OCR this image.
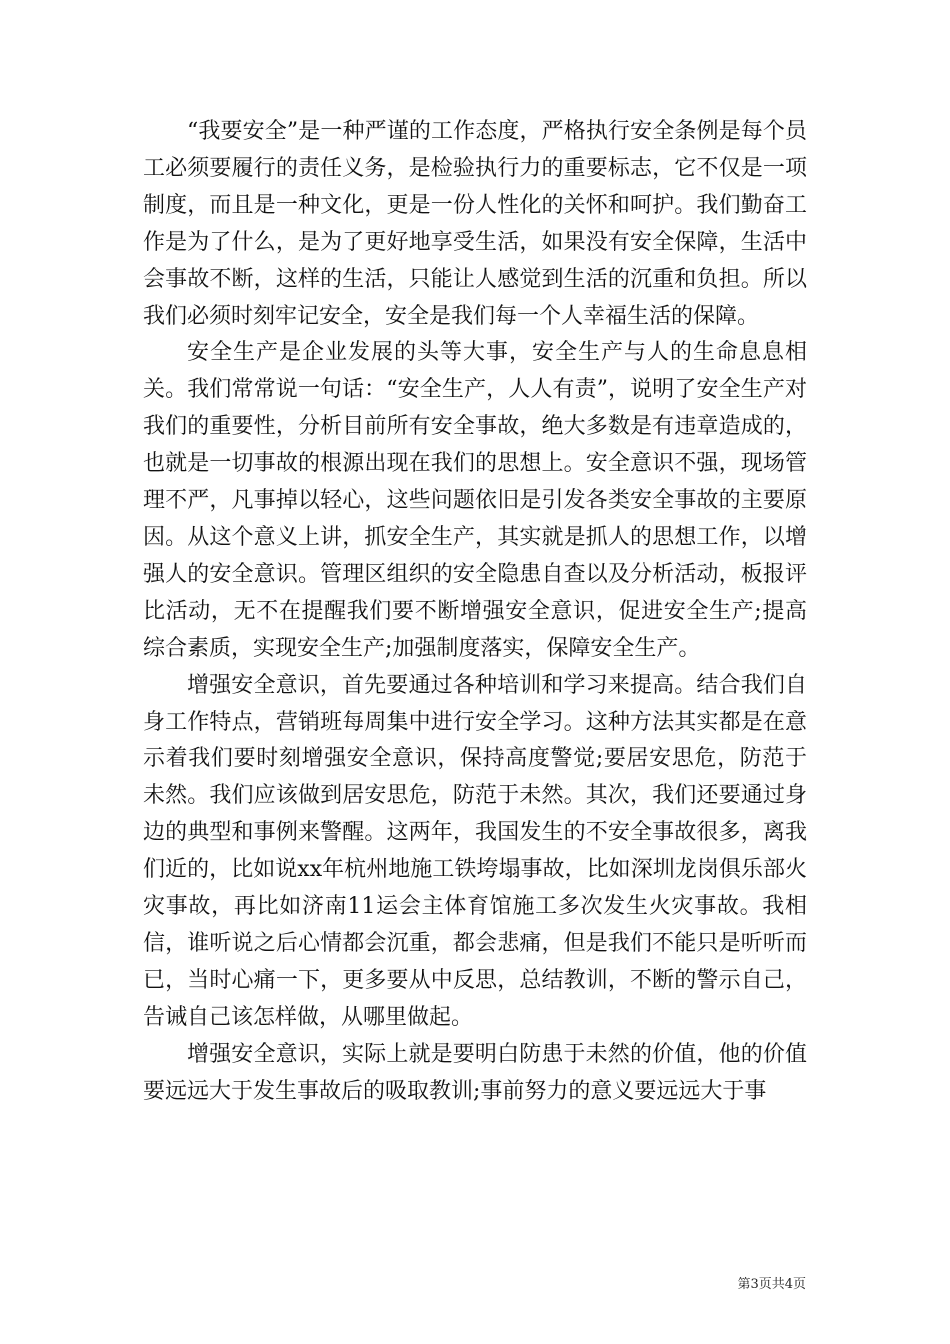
“我要安全”是一种严谨的工作态度，严格执行安全条例是每个员工必须要履行的责任义务，是检验执行力的重要标志，它不仅是一项制度，而且是一种文化，更是一份人性化的关怀和呵护。我们勤奋工作是为了什么，是为了更好地享受生活，如果没有安全保障，生活中会事故不断，这样的生活，只能让人感觉到生活的沉重和负担。所以我们必须时刻牢记安全，安全是我们每一个人幸福生活的保障。

安全生产是企业发展的头等大事，安全生产与人的生命息息相关。我们常常说一句话：“安全生产，人人有责”，说明了安全生产对我们的重要性，分析目前所有安全事故，绝大多数是有违章造成的，也就是一切事故的根源出现在我们的思想上。安全意识不强，现场管理不严，凡事掉以轻心，这些问题依旧是引发各类安全事故的主要原因。从这个意义上讲，抓安全生产，其实就是抓人的思想工作，以增强人的安全意识。管理区组织的安全隐患自查以及分析活动，板报评比活动，无不在提醒我们要不断增强安全意识，促进安全生产;提高综合素质，实现安全生产;加强制度落实，保障安全生产。

增强安全意识，首先要通过各种培训和学习来提高。结合我们自身工作特点，营销班每周集中进行安全学习。这种方法其实都是在意示着我们要时刻增强安全意识，保持高度警觉;要居安思危，防范于未然。我们应该做到居安思危，防范于未然。其次，我们还要通过身边的典型和事例来警醒。这两年，我国发生的不安全事故很多，离我们近的，比如说xx年杭州地施工铁垮塌事故，比如深圳龙岗俱乐部火灾事故，再比如济南11运会主体育馆施工多次发生火灾事故。我相信，谁听说之后心情都会沉重，都会悲痛，但是我们不能只是听听而已，当时心痛一下，更多要从中反思，总结教训，不断的警示自己，告诫自己该怎样做，从哪里做起。

增强安全意识，实际上就是要明白防患于未然的价值，他的价值要远远大于发生事故后的吸取教训;事前努力的意义要远远大于事

第3页共4页
